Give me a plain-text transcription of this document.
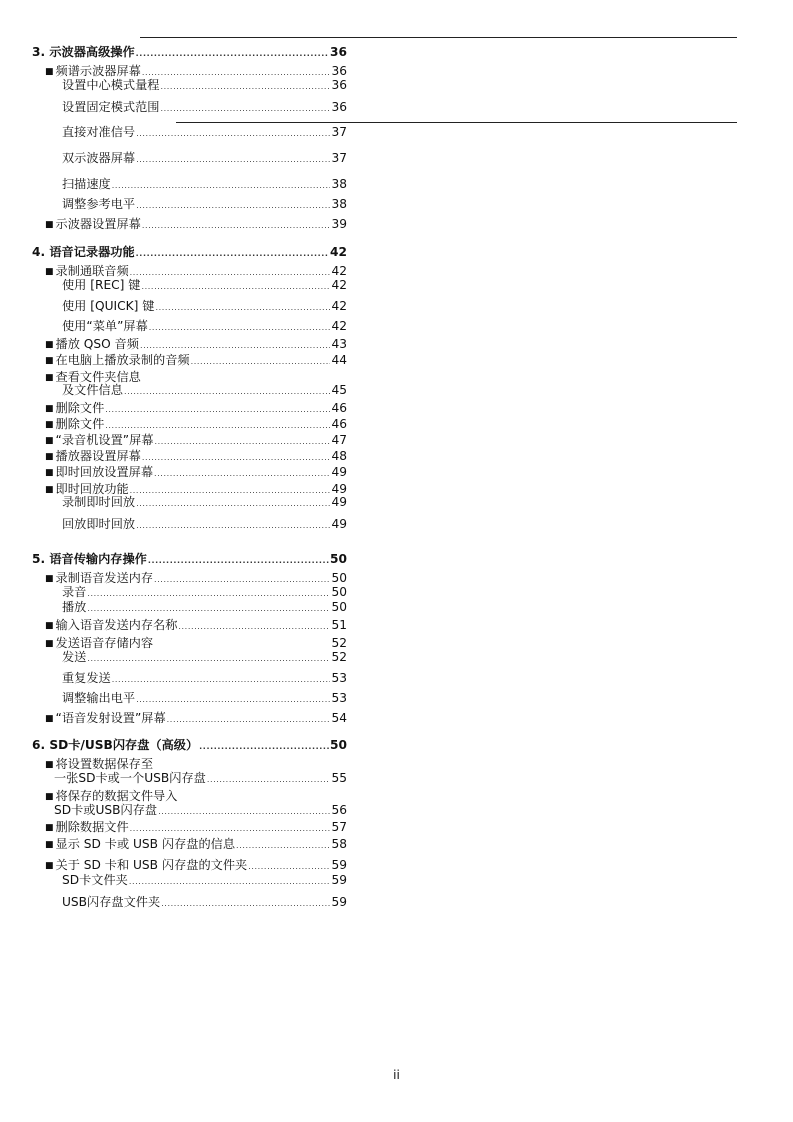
3. 示波器高级操作 .....	36
■ 频谱示波器屏幕 .....	36
设置中心模式量程 .....	36
设置固定模式范围 .....	36
直接对准信号 .....	37
双示波器屏幕 .....	37
扫描速度 .....	38
调整参考电平 .....	38
■ 示波器设置屏幕 .....	39
4. 语音记录器功能 .....	42
■ 录制通联音频 .....	42
使用 [REC] 键 .....	42
使用 [QUICK] 键 .....	42
使用“菜单”屏幕 .....	42
■ 播放 QSO 音频 .....	43
■ 在电脑上播放录制的音频 .....	44
■ 查看文件夹信息
及文件信息 .....	45
■ 删除文件 .....	46
■ 删除文件 .....	46
■ “录音机设置”屏幕 .....	47
■ 播放器设置屏幕 .....	48
■ 即时回放设置屏幕 .....	49
■ 即时回放功能 .....	49
录制即时回放 .....	49
回放即时回放 .....	49
5. 语音传输内存操作 .....	50
■ 录制语音发送内存 .....	50
录音 .....	50
播放 .....	50
■ 输入语音发送内存名称 .....	51
■ 发送语音存储内容	52
发送 .....	52
重复发送 .....	53
调整输出电平 .....	53
■ “语音发射设置”屏幕 .....	54
6. SD卡/USB闪存盘（高级） .....	50
■ 将设置数据保存至
一张SD卡或一个USB闪存盘 .....	55
■ 将保存的数据文件导入
SD卡或USB闪存盘 .....	56
■ 删除数据文件 .....	57
■ 显示 SD 卡或 USB 闪存盘的信息 .....	58
■ 关于 SD 卡和 USB 闪存盘的文件夹 .....	59
SD卡文件夹 .....	59
USB闪存盘文件夹 .....	59
ii
